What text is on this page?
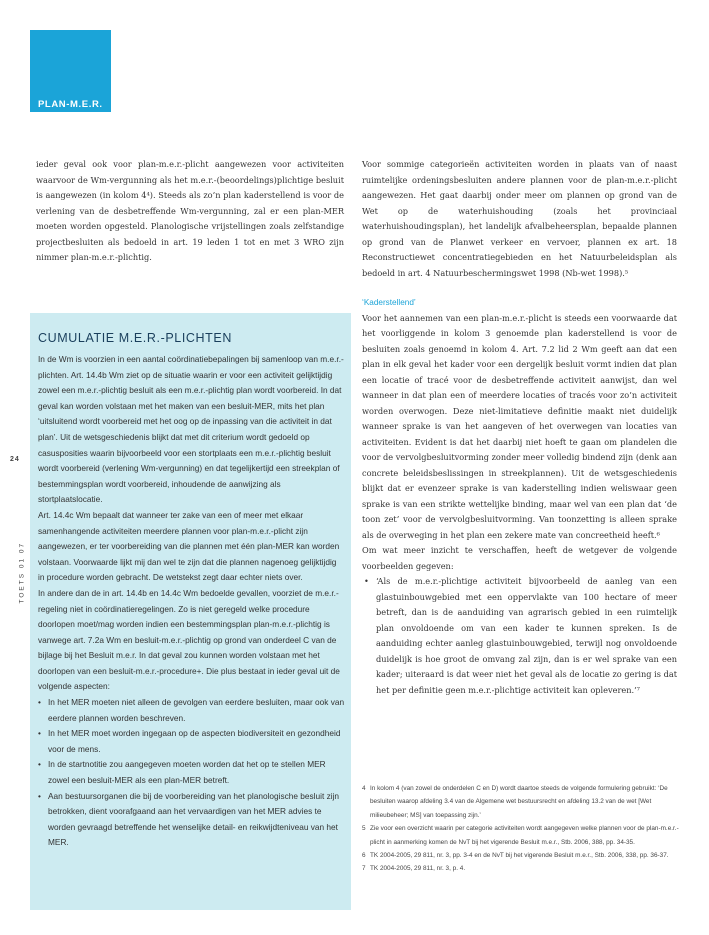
PLAN-M.E.R.
24
TOETS 01 07

ieder geval ook voor plan-m.e.r.-plicht aangewezen voor activiteiten waarvoor de Wm-vergunning als het m.e.r.-(beoordelings)plichtige besluit is aangewezen (in kolom 4⁴). Steeds als zo’n plan kaderstellend is voor de verlening van de desbetreffende Wm-vergunning, zal er een plan-MER moeten worden opgesteld. Planologische vrijstellingen zoals zelfstandige projectbesluiten als bedoeld in art. 19 leden 1 tot en met 3 WRO zijn nimmer plan-m.e.r.-plichtig.

CUMULATIE M.E.R.-PLICHTEN

In de Wm is voorzien in een aantal coördinatiebepalingen bij samenloop van m.e.r.-plichten. Art. 14.4b Wm ziet op de situatie waarin er voor een activiteit gelijktijdig zowel een m.e.r.-plichtig besluit als een m.e.r.-plichtig plan wordt voorbereid. In dat geval kan worden volstaan met het maken van een besluit-MER, mits het plan ‘uitsluitend wordt voorbereid met het oog op de inpassing van die activiteit in dat plan’. Uit de wetsgeschiedenis blijkt dat met dit criterium wordt gedoeld op casusposities waarin bijvoorbeeld voor een stortplaats een m.e.r.-plichtig besluit wordt voorbereid (verlening Wm-vergunning) en dat tegelijkertijd een streekplan of bestemmingsplan wordt voorbereid, inhoudende de aanwijzing als stortplaatslocatie.

Art. 14.4c Wm bepaalt dat wanneer ter zake van een of meer met elkaar samenhangende activiteiten meerdere plannen voor plan-m.e.r.-plicht zijn aangewezen, er ter voorbereiding van die plannen met één plan-MER kan worden volstaan. Voorwaarde lijkt mij dan wel te zijn dat die plannen nagenoeg gelijktijdig in procedure worden gebracht. De wetstekst zegt daar echter niets over.

In andere dan de in art. 14.4b en 14.4c Wm bedoelde gevallen, voorziet de m.e.r.-regeling niet in coördinatieregelingen. Zo is niet geregeld welke procedure doorlopen moet/mag worden indien een bestemmingsplan plan-m.e.r.-plichtig is vanwege art. 7.2a Wm en besluit-m.e.r.-plichtig op grond van onderdeel C van de bijlage bij het Besluit m.e.r. In dat geval zou kunnen worden volstaan met het doorlopen van een besluit-m.e.r.-procedure+. Die plus bestaat in ieder geval uit de volgende aspecten:

• In het MER moeten niet alleen de gevolgen van eerdere besluiten, maar ook van eerdere plannen worden beschreven.
• In het MER moet worden ingegaan op de aspecten biodiversiteit en gezondheid voor de mens.
• In de startnotitie zou aangegeven moeten worden dat het op te stellen MER zowel een besluit-MER als een plan-MER betreft.
• Aan bestuursorganen die bij de voorbereiding van het planologische besluit zijn betrokken, dient voorafgaand aan het vervaardigen van het MER advies te worden gevraagd betreffende het wenselijke detail- en reikwijdteniveau van het MER.

Voor sommige categorieën activiteiten worden in plaats van of naast ruimtelijke ordeningsbesluiten andere plannen voor de plan-m.e.r.-plicht aangewezen. Het gaat daarbij onder meer om plannen op grond van de Wet op de waterhuishouding (zoals het provinciaal waterhuishoudingsplan), het landelijk afvalbeheersplan, bepaalde plannen op grond van de Planwet verkeer en vervoer, plannen ex art. 18 Reconstructiewet concentratiegebieden en het Natuurbeleidsplan als bedoeld in art. 4 Natuurbeschermingswet 1998 (Nb-wet 1998).⁵

‘Kaderstellend’

Voor het aannemen van een plan-m.e.r.-plicht is steeds een voorwaarde dat het voorliggende in kolom 3 genoemde plan kaderstellend is voor de besluiten zoals genoemd in kolom 4. Art. 7.2 lid 2 Wm geeft aan dat een plan in elk geval het kader voor een dergelijk besluit vormt indien dat plan een locatie of tracé voor de desbetreffende activiteit aanwijst, dan wel wanneer in dat plan een of meerdere locaties of tracés voor zo’n activiteit worden overwogen. Deze niet-limitatieve definitie maakt niet duidelijk wanneer sprake is van het aangeven of het overwegen van locaties van activiteiten. Evident is dat het daarbij niet hoeft te gaan om plandelen die voor de vervolgbesluitvorming zonder meer volledig bindend zijn (denk aan concrete beleidsbeslissingen in streekplannen). Uit de wetsgeschiedenis blijkt dat er evenzeer sprake is van kaderstelling indien weliswaar geen sprake is van een strikte wettelijke binding, maar wel van een plan dat ‘de toon zet’ voor de vervolgbesluitvorming. Van toonzetting is alleen sprake als de overweging in het plan een zekere mate van concreetheid heeft.⁶

Om wat meer inzicht te verschaffen, heeft de wetgever de volgende voorbeelden gegeven:

• ‘Als de m.e.r.-plichtige activiteit bijvoorbeeld de aanleg van een glastuinbouwgebied met een oppervlakte van 100 hectare of meer betreft, dan is de aanduiding van agrarisch gebied in een ruimtelijk plan onvoldoende om van een kader te kunnen spreken. Is de aanduiding echter aanleg glastuinbouwgebied, terwijl nog onvoldoende duidelijk is hoe groot de omvang zal zijn, dan is er wel sprake van een kader; uiteraard is dat weer niet het geval als de locatie zo gering is dat het per definitie geen m.e.r.-plichtige activiteit kan opleveren.’⁷
4 In kolom 4 (van zowel de onderdelen C en D) wordt daartoe steeds de volgende formulering gebruikt: ‘De besluiten waarop afdeling 3.4 van de Algemene wet bestuursrecht en afdeling 13.2 van de wet [Wet milieubeheer; MS] van toepassing zijn.’
5 Zie voor een overzicht waarin per categorie activiteiten wordt aangegeven welke plannen voor de plan-m.e.r.-plicht in aanmerking komen de NvT bij het vigerende Besluit m.e.r., Stb. 2006, 388, pp. 34-35.
6 TK 2004-2005, 29 811, nr. 3, pp. 3-4 en de NvT bij het vigerende Besluit m.e.r., Stb. 2006, 338, pp. 36-37.
7 TK 2004-2005, 29 811, nr. 3, p. 4.
